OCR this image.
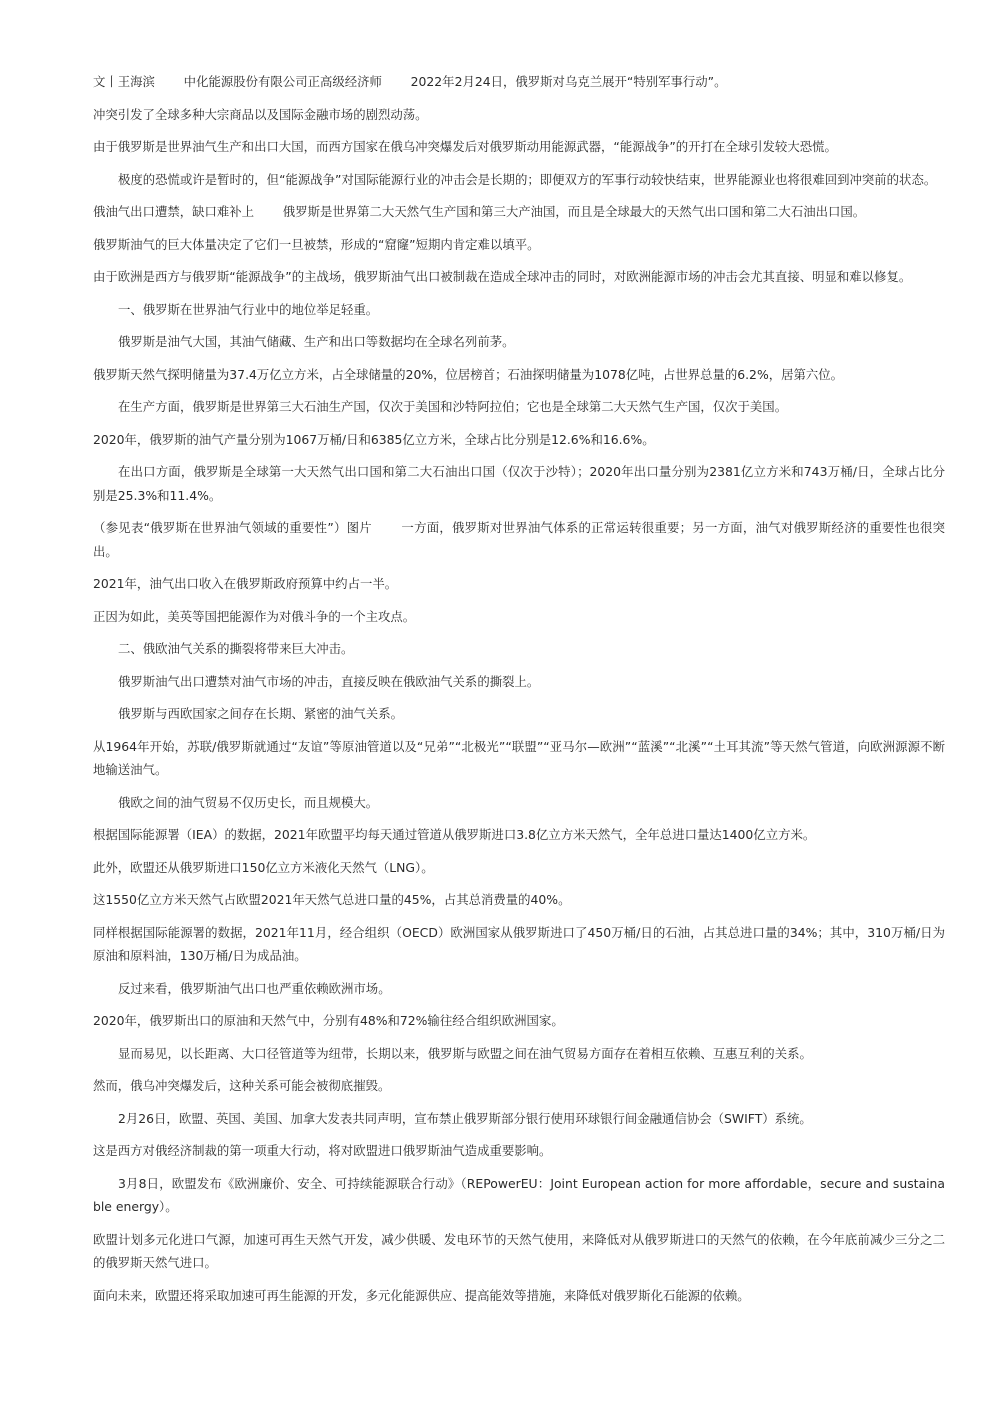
文丨王海滨 　　中化能源股份有限公司正高级经济师 　　2022年2月24日，俄罗斯对乌克兰展开“特别军事行动”。

冲突引发了全球多种大宗商品以及国际金融市场的剧烈动荡。

由于俄罗斯是世界油气生产和出口大国，而西方国家在俄乌冲突爆发后对俄罗斯动用能源武器，“能源战争”的开打在全球引发较大恐慌。

极度的恐慌或许是暂时的，但“能源战争”对国际能源行业的冲击会是长期的；即便双方的军事行动较快结束，世界能源业也将很难回到冲突前的状态。

俄油气出口遭禁，缺口难补上 　　俄罗斯是世界第二大天然气生产国和第三大产油国，而且是全球最大的天然气出口国和第二大石油出口国。

俄罗斯油气的巨大体量决定了它们一旦被禁，形成的“窟窿”短期内肯定难以填平。

由于欧洲是西方与俄罗斯“能源战争”的主战场，俄罗斯油气出口被制裁在造成全球冲击的同时，对欧洲能源市场的冲击会尤其直接、明显和难以修复。

一、俄罗斯在世界油气行业中的地位举足轻重。

俄罗斯是油气大国，其油气储藏、生产和出口等数据均在全球名列前茅。

俄罗斯天然气探明储量为37.4万亿立方米，占全球储量的20%，位居榜首；石油探明储量为1078亿吨，占世界总量的6.2%，居第六位。

在生产方面，俄罗斯是世界第三大石油生产国，仅次于美国和沙特阿拉伯；它也是全球第二大天然气生产国，仅次于美国。

2020年，俄罗斯的油气产量分别为1067万桶/日和6385亿立方米，全球占比分别是12.6%和16.6%。

在出口方面，俄罗斯是全球第一大天然气出口国和第二大石油出口国（仅次于沙特）；2020年出口量分别为2381亿立方米和743万桶/日，全球占比分别是25.3%和11.4%。

（参见表“俄罗斯在世界油气领域的重要性”）图片 　　一方面，俄罗斯对世界油气体系的正常运转很重要；另一方面，油气对俄罗斯经济的重要性也很突出。

2021年，油气出口收入在俄罗斯政府预算中约占一半。

正因为如此，美英等国把能源作为对俄斗争的一个主攻点。

二、俄欧油气关系的撕裂将带来巨大冲击。

俄罗斯油气出口遭禁对油气市场的冲击，直接反映在俄欧油气关系的撕裂上。

俄罗斯与西欧国家之间存在长期、紧密的油气关系。

从1964年开始，苏联/俄罗斯就通过“友谊”等原油管道以及“兄弟”“北极光”“联盟”“亚马尔—欧洲”“蓝溪”“北溪”“土耳其流”等天然气管道，向欧洲源源不断地输送油气。

俄欧之间的油气贸易不仅历史长，而且规模大。

根据国际能源署（IEA）的数据，2021年欧盟平均每天通过管道从俄罗斯进口3.8亿立方米天然气，全年总进口量达1400亿立方米。

此外，欧盟还从俄罗斯进口150亿立方米液化天然气（LNG）。

这1550亿立方米天然气占欧盟2021年天然气总进口量的45%，占其总消费量的40%。

同样根据国际能源署的数据，2021年11月，经合组织（OECD）欧洲国家从俄罗斯进口了450万桶/日的石油，占其总进口量的34%；其中，310万桶/日为原油和原料油，130万桶/日为成品油。

反过来看，俄罗斯油气出口也严重依赖欧洲市场。

2020年，俄罗斯出口的原油和天然气中，分别有48%和72%输往经合组织欧洲国家。

显而易见，以长距离、大口径管道等为纽带，长期以来，俄罗斯与欧盟之间在油气贸易方面存在着相互依赖、互惠互利的关系。

然而，俄乌冲突爆发后，这种关系可能会被彻底摧毁。

2月26日，欧盟、英国、美国、加拿大发表共同声明，宣布禁止俄罗斯部分银行使用环球银行间金融通信协会（SWIFT）系统。

这是西方对俄经济制裁的第一项重大行动，将对欧盟进口俄罗斯油气造成重要影响。

3月8日，欧盟发布《欧洲廉价、安全、可持续能源联合行动》（REPowerEU：Joint European action for more affordable，secure and sustainable energy）。

欧盟计划多元化进口气源，加速可再生天然气开发，减少供暖、发电环节的天然气使用，来降低对从俄罗斯进口的天然气的依赖，在今年底前减少三分之二的俄罗斯天然气进口。

面向未来，欧盟还将采取加速可再生能源的开发，多元化能源供应、提高能效等措施，来降低对俄罗斯化石能源的依赖。
